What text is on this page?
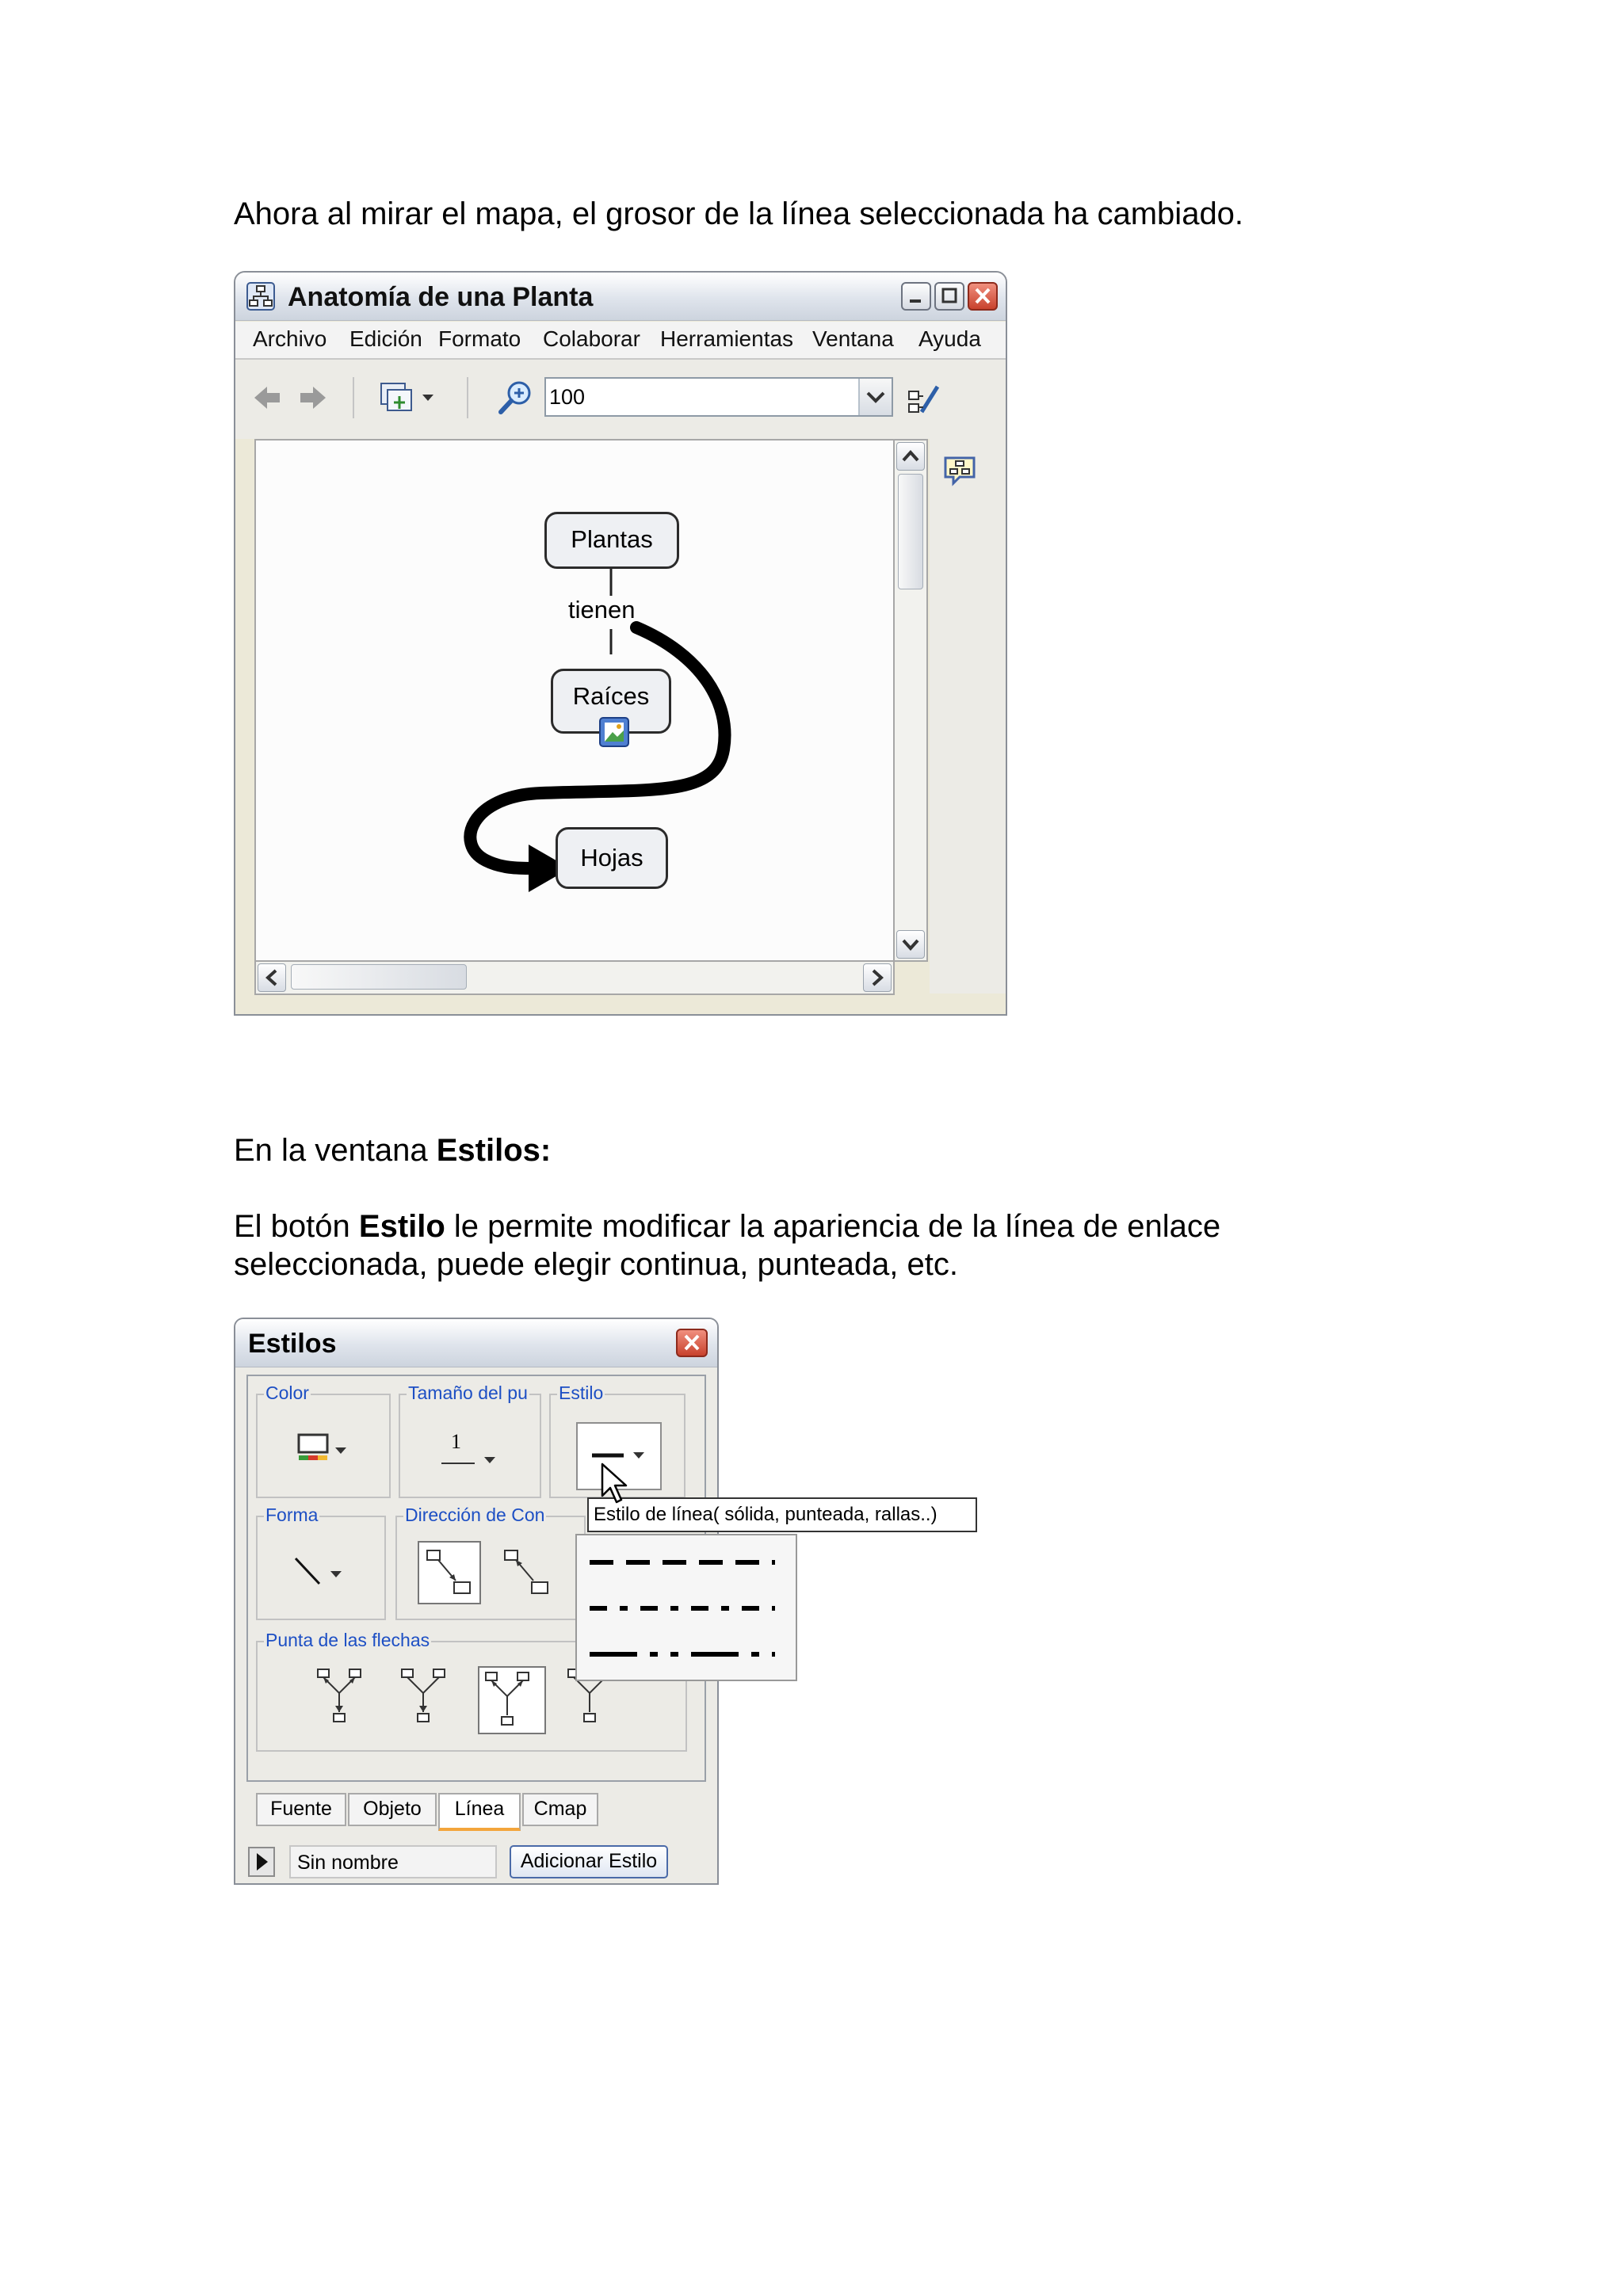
Ahora al mirar el mapa, el grosor de la línea seleccionada ha cambiado.

Anatomía de una Planta
Archivo Edición Formato Colaborar Herramientas Ventana Ayuda
100
Plantas
tienen
Raíces
Hojas

En la ventana Estilos:

El botón Estilo le permite modificar la apariencia de la línea de enlace
seleccionada, puede elegir continua, punteada, etc.

Estilos
Color	Tamaño del pu
1
Estilo
Forma	Dirección de Con
Punta de las flechas
Fuente	Objeto	Línea	Cmap
Sin nombre	Adicionar Estilo
Estilo de línea( sólida, punteada, rallas..)
